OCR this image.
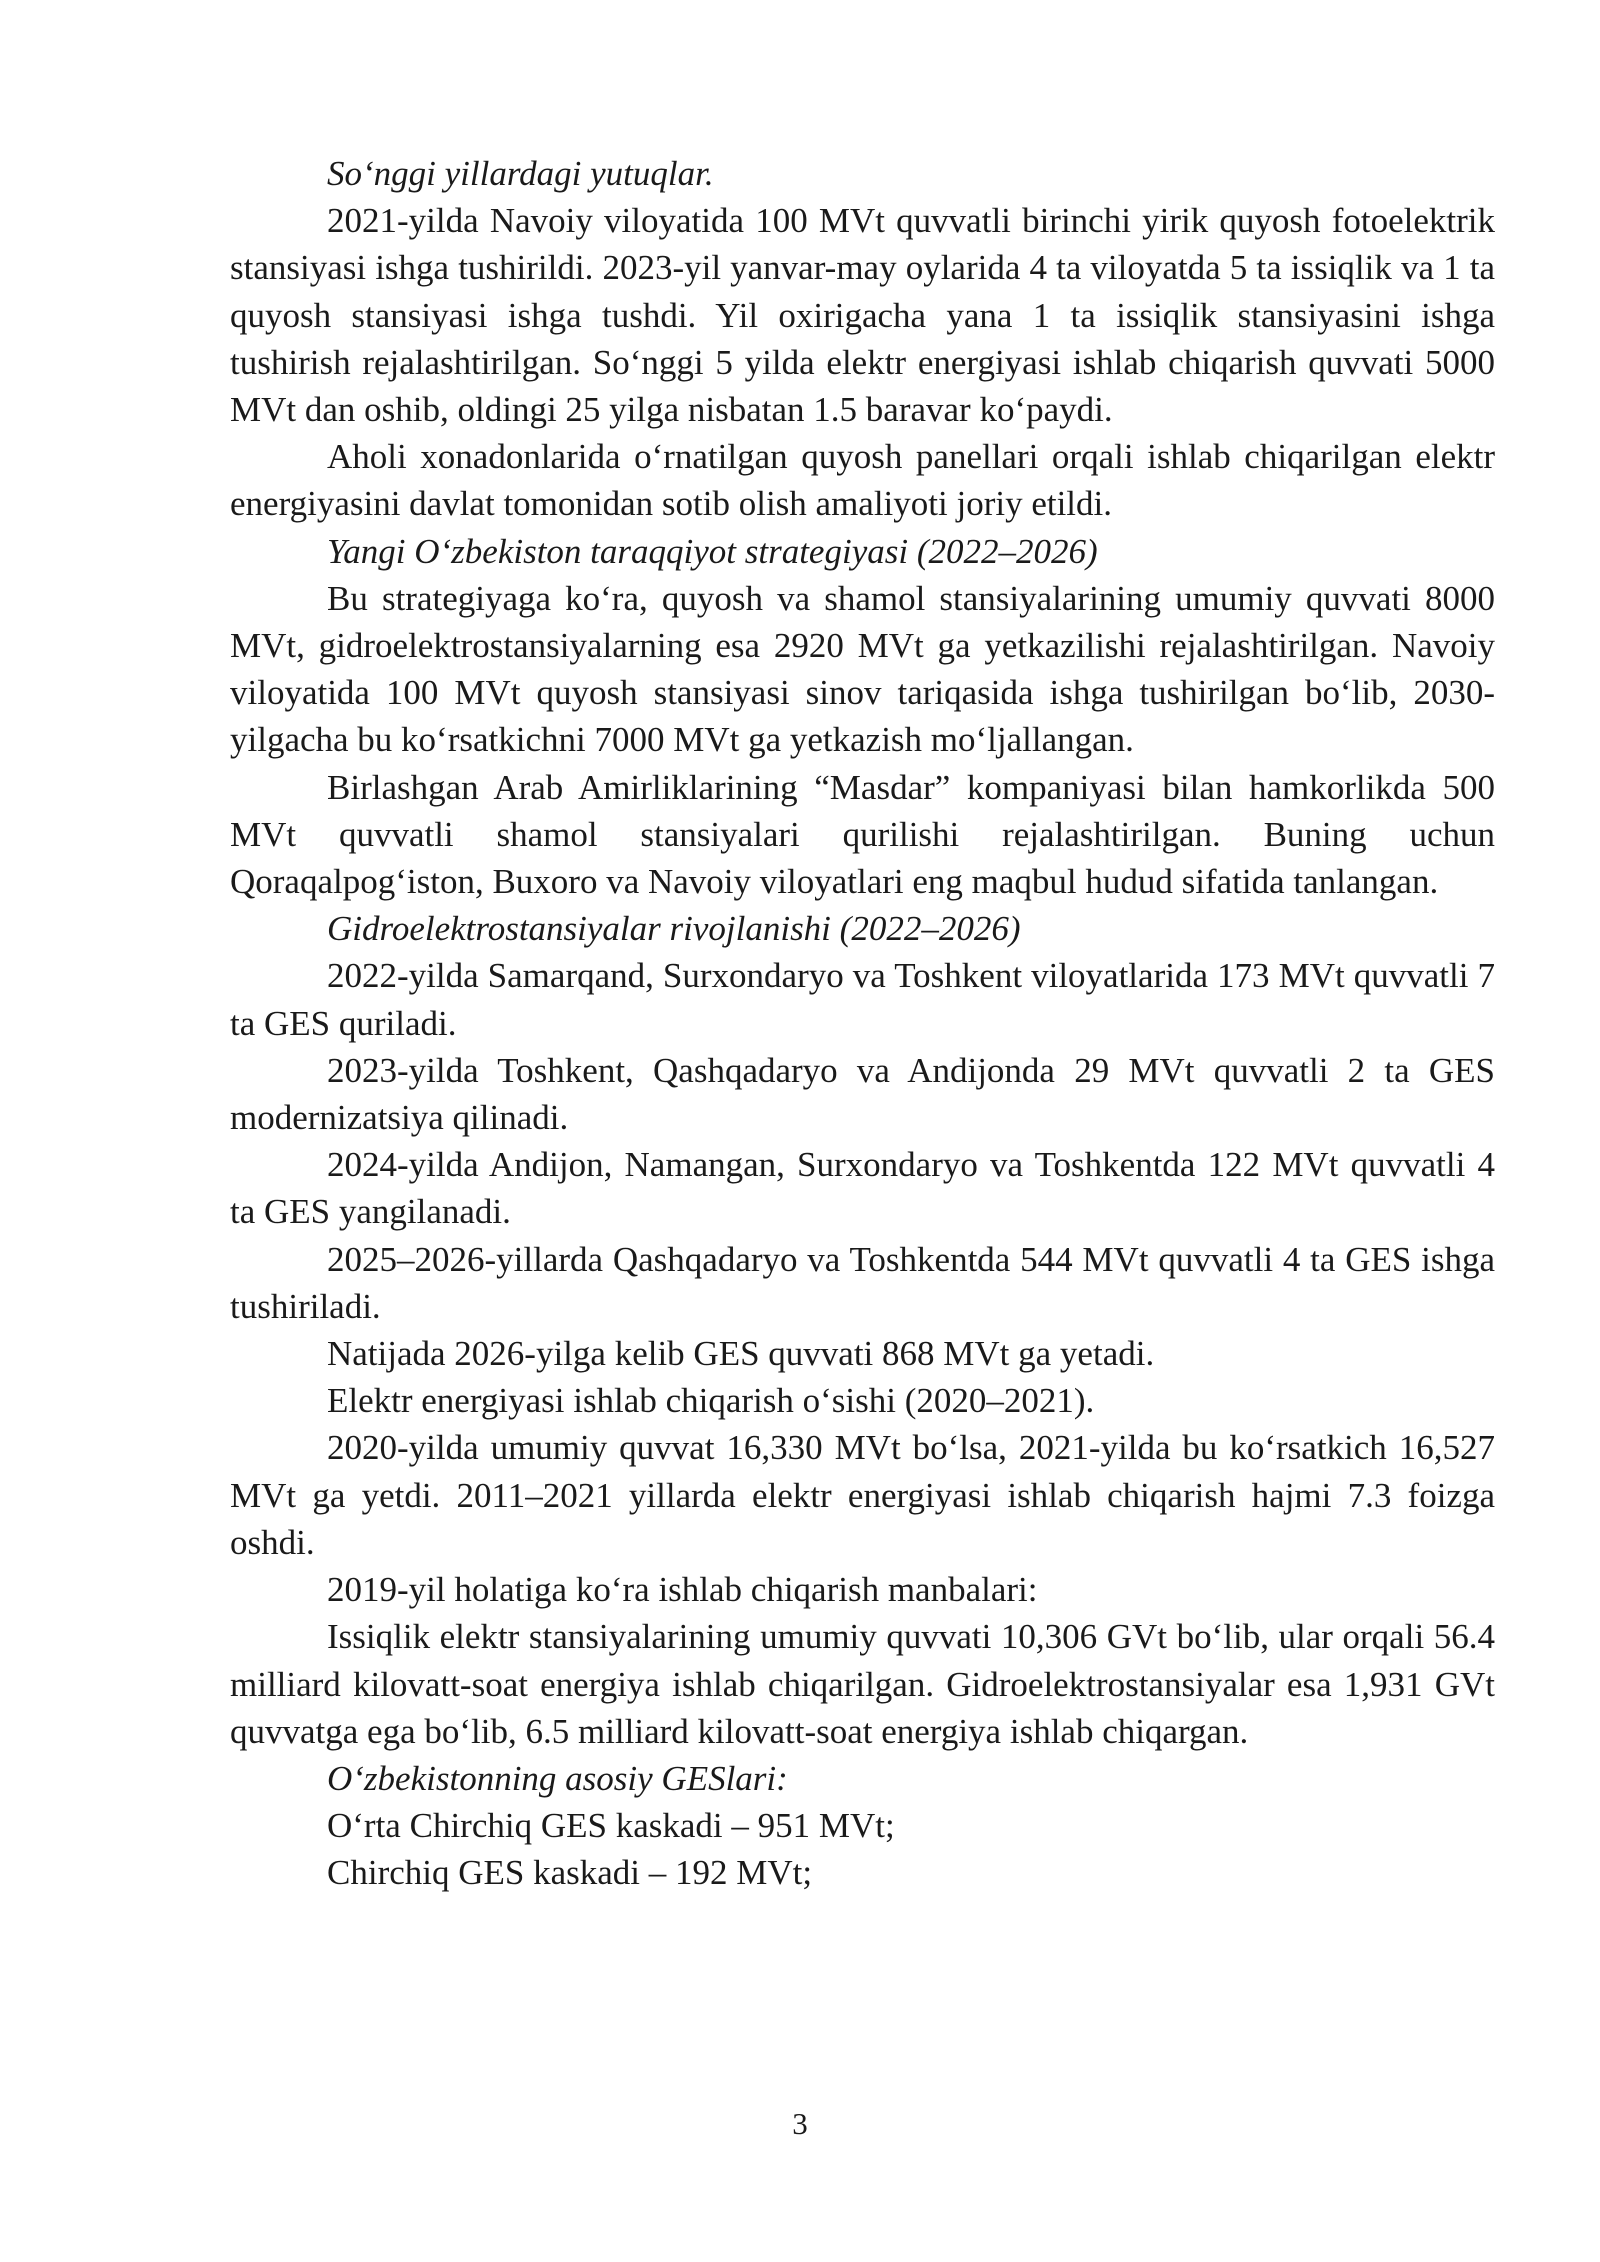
So‘nggi yillardagi yutuqlar.

2021-yilda Navoiy viloyatida 100 MVt quvvatli birinchi yirik quyosh fotoelektrik stansiyasi ishga tushirildi. 2023-yil yanvar-may oylarida 4 ta viloyatda 5 ta issiqlik va 1 ta quyosh stansiyasi ishga tushdi. Yil oxirigacha yana 1 ta issiqlik stansiyasini ishga tushirish rejalashtirilgan. So‘nggi 5 yilda elektr energiyasi ishlab chiqarish quvvati 5000 MVt dan oshib, oldingi 25 yilga nisbatan 1.5 baravar ko‘paydi.

Aholi xonadonlarida o‘rnatilgan quyosh panellari orqali ishlab chiqarilgan elektr energiyasini davlat tomonidan sotib olish amaliyoti joriy etildi.

Yangi O‘zbekiston taraqqiyot strategiyasi (2022–2026)

Bu strategiyaga ko‘ra, quyosh va shamol stansiyalarining umumiy quvvati 8000 MVt, gidroelektrostansiyalarning esa 2920 MVt ga yetkazilishi rejalashtirilgan. Navoiy viloyatida 100 MVt quyosh stansiyasi sinov tariqasida ishga tushirilgan bo‘lib, 2030-yilgacha bu ko‘rsatkichni 7000 MVt ga yetkazish mo‘ljallangan.

Birlashgan Arab Amirliklarining “Masdar” kompaniyasi bilan hamkorlikda 500 MVt quvvatli shamol stansiyalari qurilishi rejalashtirilgan. Buning uchun Qoraqalpog‘iston, Buxoro va Navoiy viloyatlari eng maqbul hudud sifatida tanlangan.

Gidroelektrostansiyalar rivojlanishi (2022–2026)

2022-yilda Samarqand, Surxondaryo va Toshkent viloyatlarida 173 MVt quvvatli 7 ta GES quriladi.

2023-yilda Toshkent, Qashqadaryo va Andijonda 29 MVt quvvatli 2 ta GES modernizatsiya qilinadi.

2024-yilda Andijon, Namangan, Surxondaryo va Toshkentda 122 MVt quvvatli 4 ta GES yangilanadi.

2025–2026-yillarda Qashqadaryo va Toshkentda 544 MVt quvvatli 4 ta GES ishga tushiriladi.

Natijada 2026-yilga kelib GES quvvati 868 MVt ga yetadi.

Elektr energiyasi ishlab chiqarish o‘sishi (2020–2021).

2020-yilda umumiy quvvat 16,330 MVt bo‘lsa, 2021-yilda bu ko‘rsatkich 16,527 MVt ga yetdi. 2011–2021 yillarda elektr energiyasi ishlab chiqarish hajmi 7.3 foizga oshdi.

2019-yil holatiga ko‘ra ishlab chiqarish manbalari:

Issiqlik elektr stansiyalarining umumiy quvvati 10,306 GVt bo‘lib, ular orqali 56.4 milliard kilovatt-soat energiya ishlab chiqarilgan. Gidroelektrostansiyalar esa 1,931 GVt quvvatga ega bo‘lib, 6.5 milliard kilovatt-soat energiya ishlab chiqargan.

O‘zbekistonning asosiy GESlari:

O‘rta Chirchiq GES kaskadi – 951 MVt;

Chirchiq GES kaskadi – 192 MVt;

3
